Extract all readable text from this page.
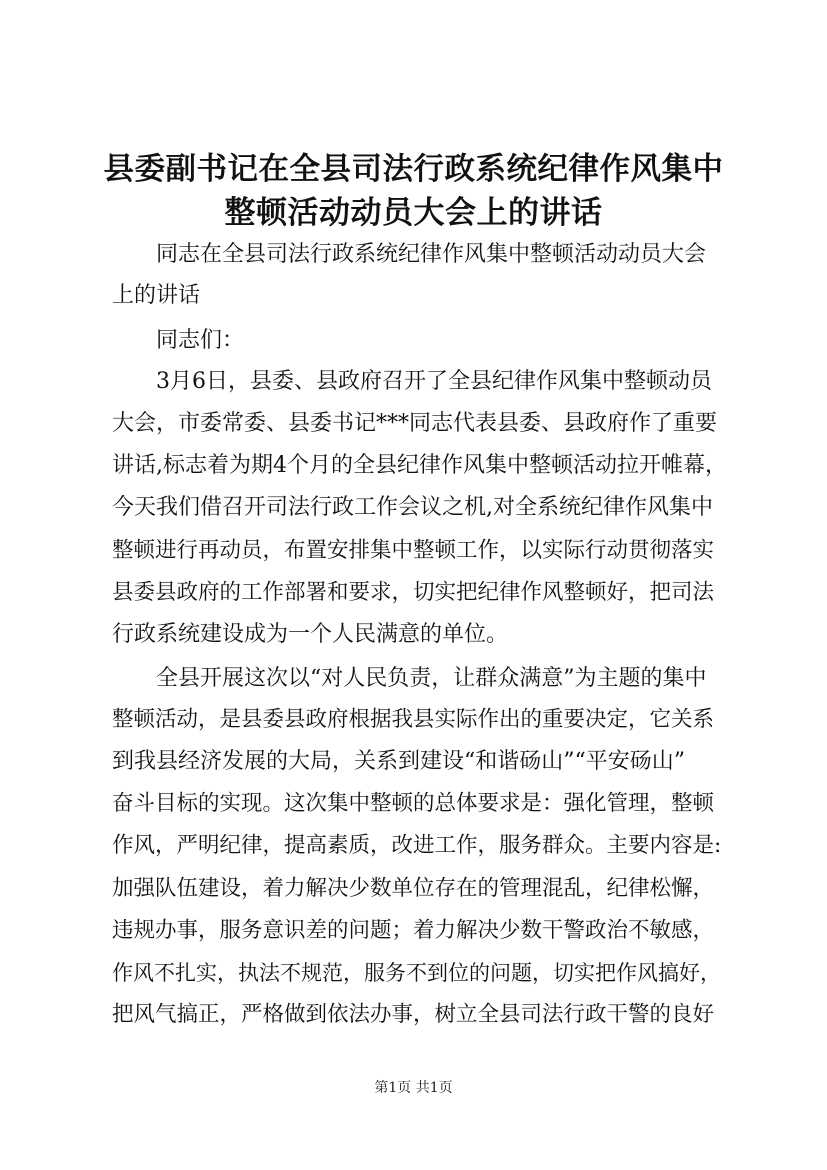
县委副书记在全县司法行政系统纪律作风集中
整顿活动动员大会上的讲话
同志在全县司法行政系统纪律作风集中整顿活动动员大会
上的讲话
同志们：
3月6日，县委、县政府召开了全县纪律作风集中整顿动员
大会，市委常委、县委书记***同志代表县委、县政府作了重要
讲话,标志着为期4个月的全县纪律作风集中整顿活动拉开帷幕，
今天我们借召开司法行政工作会议之机,对全系统纪律作风集中
整顿进行再动员，布置安排集中整顿工作，以实际行动贯彻落实
县委县政府的工作部署和要求，切实把纪律作风整顿好，把司法
行政系统建设成为一个人民满意的单位。
全县开展这次以“对人民负责，让群众满意”为主题的集中
整顿活动，是县委县政府根据我县实际作出的重要决定，它关系
到我县经济发展的大局，关系到建设“和谐砀山”“平安砀山”
奋斗目标的实现。这次集中整顿的总体要求是：强化管理，整顿
作风，严明纪律，提高素质，改进工作，服务群众。主要内容是:
加强队伍建设，着力解决少数单位存在的管理混乱，纪律松懈，
违规办事，服务意识差的问题；着力解决少数干警政治不敏感，
作风不扎实，执法不规范，服务不到位的问题，切实把作风搞好，
把风气搞正，严格做到依法办事，树立全县司法行政干警的良好
第1页 共1页
